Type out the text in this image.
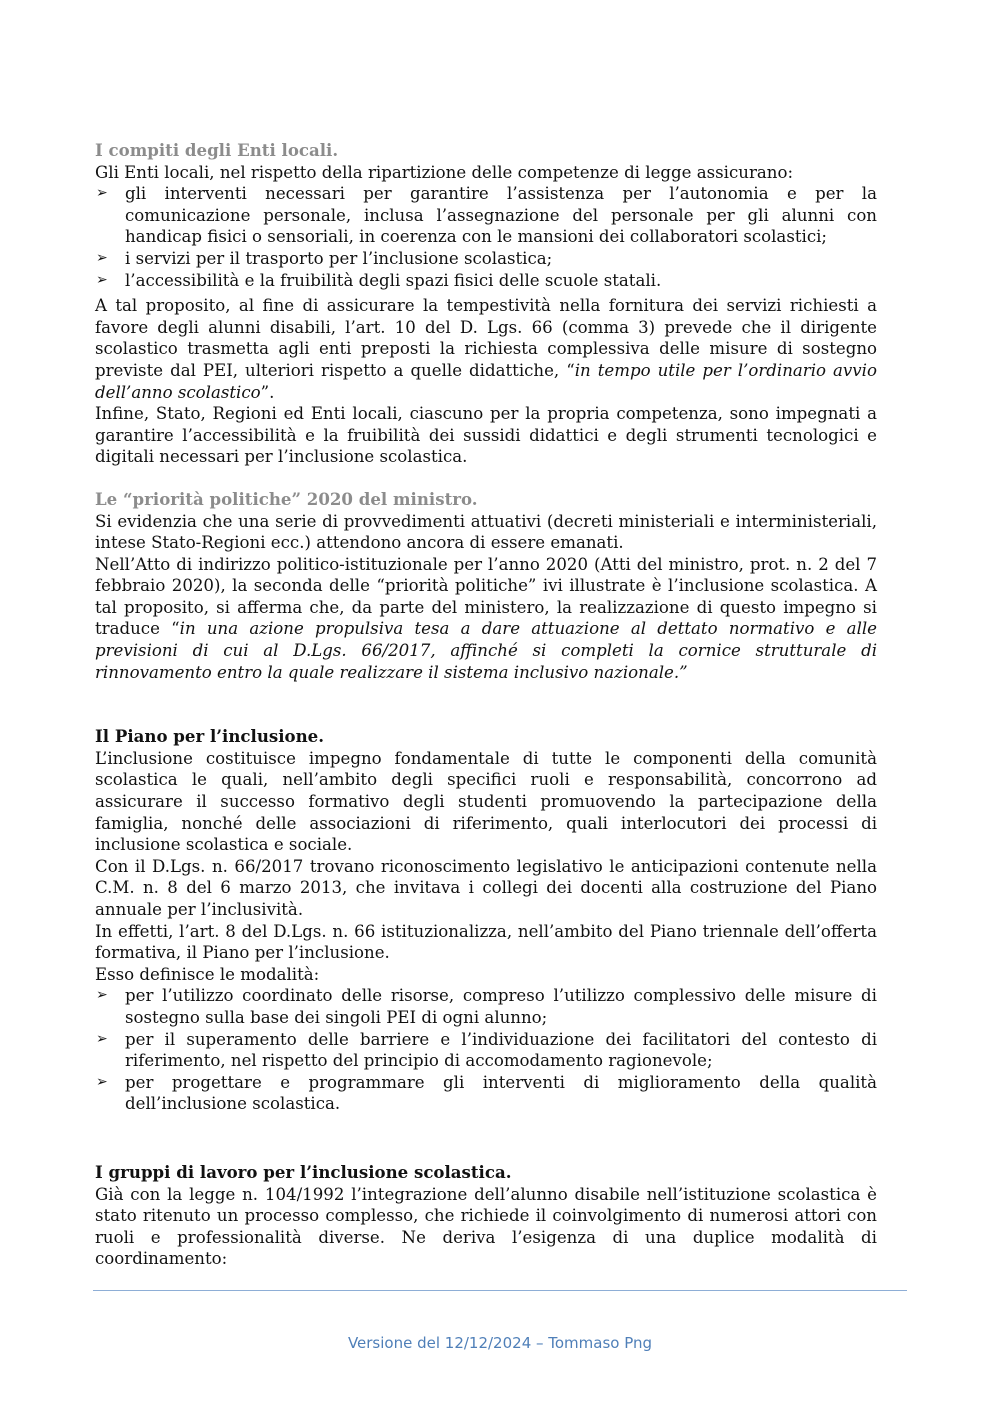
I compiti degli Enti locali.

Gli Enti locali, nel rispetto della ripartizione delle competenze di legge assicurano:

➢ gli interventi necessari per garantire l’assistenza per l’autonomia e per la comunicazione personale, inclusa l’assegnazione del personale per gli alunni con handicap fisici o sensoriali, in coerenza con le mansioni dei collaboratori scolastici;
➢ i servizi per il trasporto per l’inclusione scolastica;
➢ l’accessibilità e la fruibilità degli spazi fisici delle scuole statali.

A tal proposito, al fine di assicurare la tempestività nella fornitura dei servizi richiesti a favore degli alunni disabili, l’art. 10 del D. Lgs. 66 (comma 3) prevede che il dirigente scolastico trasmetta agli enti preposti la richiesta complessiva delle misure di sostegno previste dal PEI, ulteriori rispetto a quelle didattiche, “in tempo utile per l’ordinario avvio dell’anno scolastico”.

Infine, Stato, Regioni ed Enti locali, ciascuno per la propria competenza, sono impegnati a garantire l’accessibilità e la fruibilità dei sussidi didattici e degli strumenti tecnologici e digitali necessari per l’inclusione scolastica.

Le “priorità politiche” 2020 del ministro.

Si evidenzia che una serie di provvedimenti attuativi (decreti ministeriali e interministeriali, intese Stato-Regioni ecc.) attendono ancora di essere emanati.

Nell’Atto di indirizzo politico-istituzionale per l’anno 2020 (Atti del ministro, prot. n. 2 del 7 febbraio 2020), la seconda delle “priorità politiche” ivi illustrate è l’inclusione scolastica. A tal proposito, si afferma che, da parte del ministero, la realizzazione di questo impegno si traduce “in una azione propulsiva tesa a dare attuazione al dettato normativo e alle previsioni di cui al D.Lgs. 66/2017, affinché si completi la cornice strutturale di rinnovamento entro la quale realizzare il sistema inclusivo nazionale.”

Il Piano per l’inclusione.

L’inclusione costituisce impegno fondamentale di tutte le componenti della comunità scolastica le quali, nell’ambito degli specifici ruoli e responsabilità, concorrono ad assicurare il successo formativo degli studenti promuovendo la partecipazione della famiglia, nonché delle associazioni di riferimento, quali interlocutori dei processi di inclusione scolastica e sociale.

Con il D.Lgs. n. 66/2017 trovano riconoscimento legislativo le anticipazioni contenute nella C.M. n. 8 del 6 marzo 2013, che invitava i collegi dei docenti alla costruzione del Piano annuale per l’inclusività.

In effetti, l’art. 8 del D.Lgs. n. 66 istituzionalizza, nell’ambito del Piano triennale dell’offerta formativa, il Piano per l’inclusione.

Esso definisce le modalità:

➢ per l’utilizzo coordinato delle risorse, compreso l’utilizzo complessivo delle misure di sostegno sulla base dei singoli PEI di ogni alunno;
➢ per il superamento delle barriere e l’individuazione dei facilitatori del contesto di riferimento, nel rispetto del principio di accomodamento ragionevole;
➢ per progettare e programmare gli interventi di miglioramento della qualità dell’inclusione scolastica.

I gruppi di lavoro per l’inclusione scolastica.

Già con la legge n. 104/1992 l’integrazione dell’alunno disabile nell’istituzione scolastica è stato ritenuto un processo complesso, che richiede il coinvolgimento di numerosi attori con ruoli e professionalità diverse. Ne deriva l’esigenza di una duplice modalità di coordinamento:

Versione del 12/12/2024 – Tommaso Png
